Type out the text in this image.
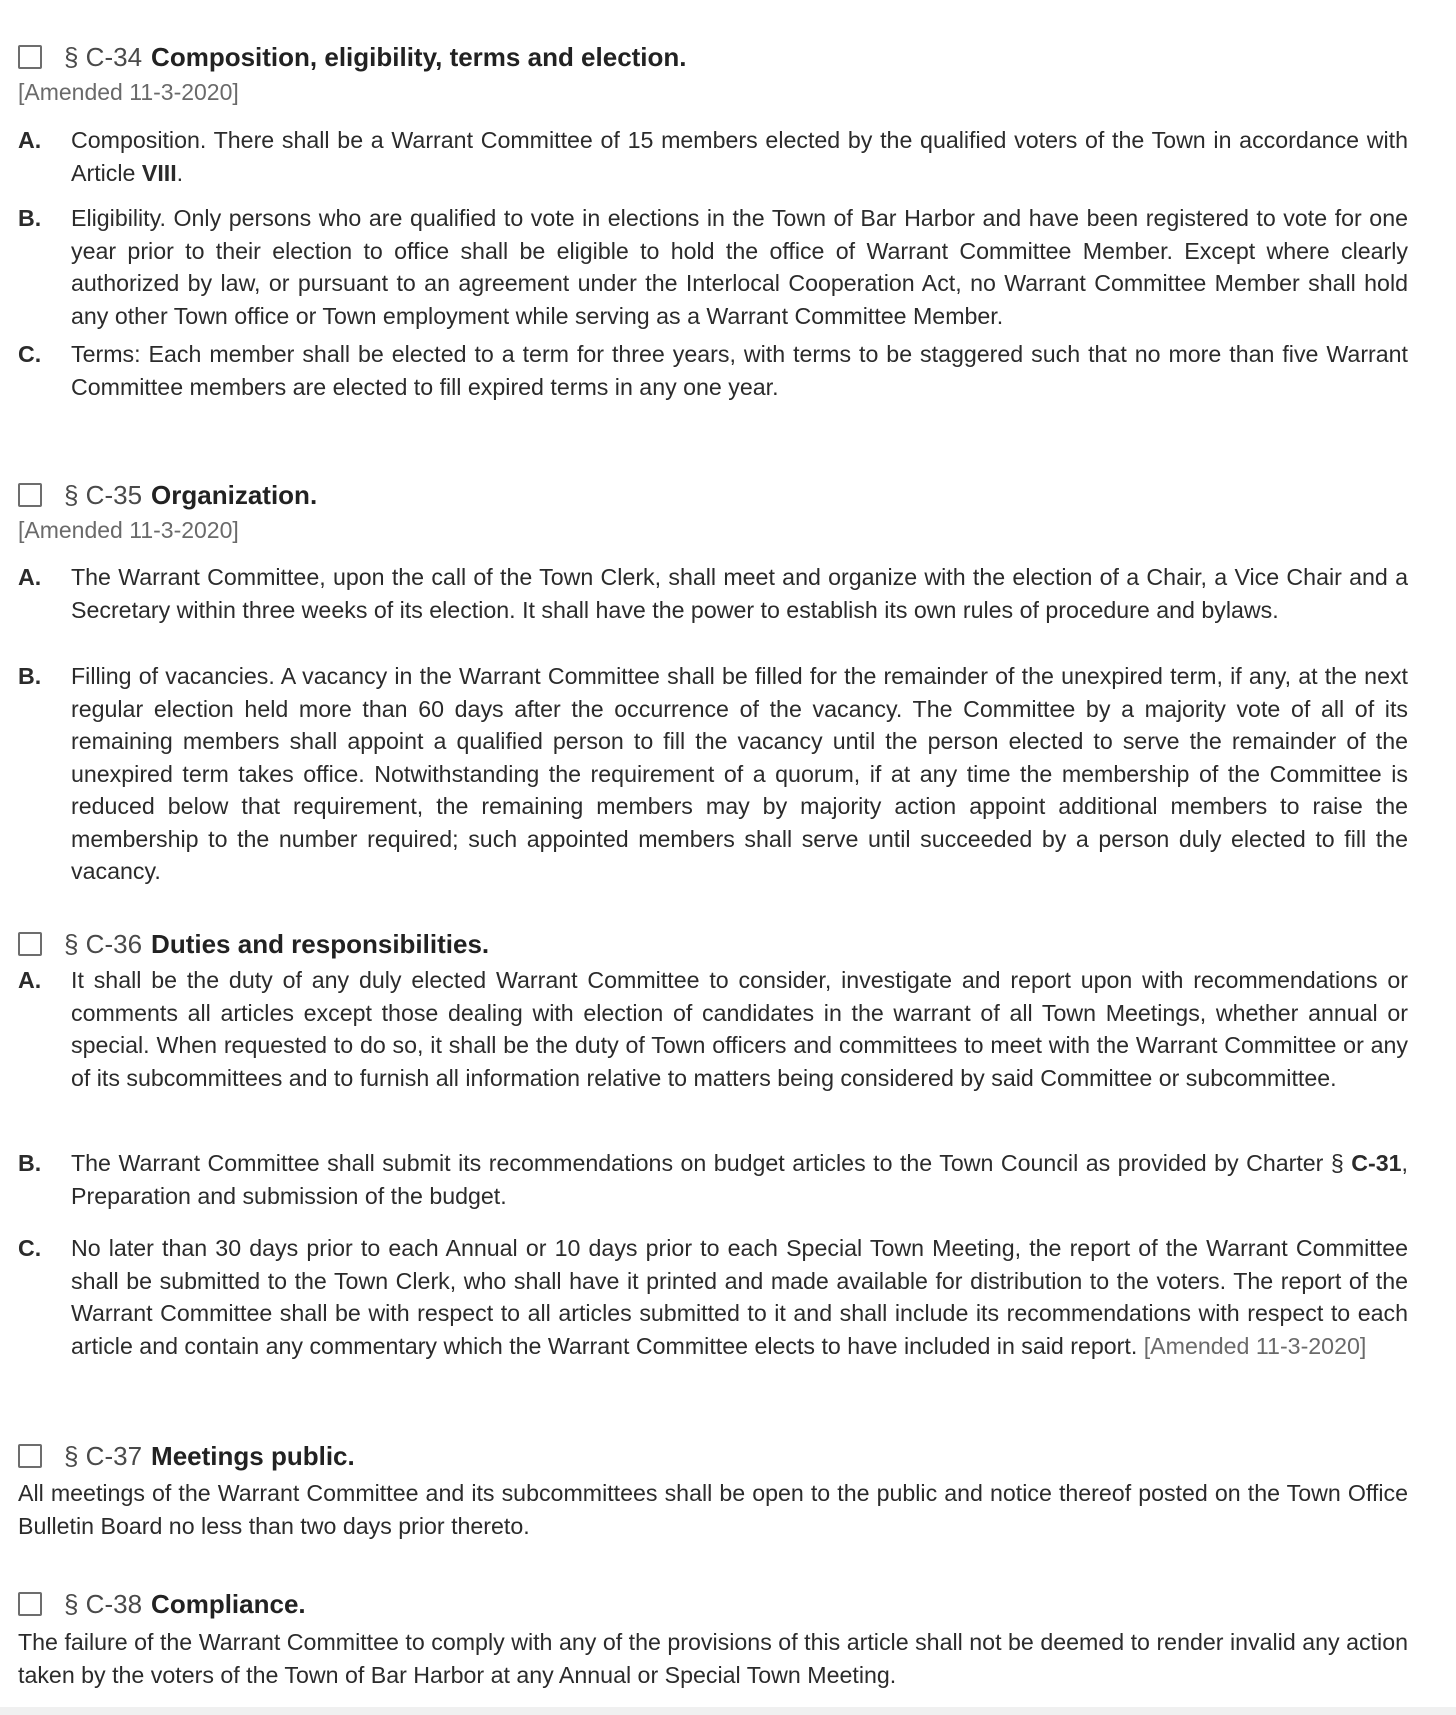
§ C-34 Composition, eligibility, terms and election.
[Amended 11-3-2020]
A.	Composition. There shall be a Warrant Committee of 15 members elected by the qualified voters of the Town in accordance with Article VIII.
B.	Eligibility. Only persons who are qualified to vote in elections in the Town of Bar Harbor and have been registered to vote for one year prior to their election to office shall be eligible to hold the office of Warrant Committee Member. Except where clearly authorized by law, or pursuant to an agreement under the Interlocal Cooperation Act, no Warrant Committee Member shall hold any other Town office or Town employment while serving as a Warrant Committee Member.
C.	Terms: Each member shall be elected to a term for three years, with terms to be staggered such that no more than five Warrant Committee members are elected to fill expired terms in any one year.
§ C-35 Organization.
[Amended 11-3-2020]
A.	The Warrant Committee, upon the call of the Town Clerk, shall meet and organize with the election of a Chair, a Vice Chair and a Secretary within three weeks of its election. It shall have the power to establish its own rules of procedure and bylaws.
B.	Filling of vacancies. A vacancy in the Warrant Committee shall be filled for the remainder of the unexpired term, if any, at the next regular election held more than 60 days after the occurrence of the vacancy. The Committee by a majority vote of all of its remaining members shall appoint a qualified person to fill the vacancy until the person elected to serve the remainder of the unexpired term takes office. Notwithstanding the requirement of a quorum, if at any time the membership of the Committee is reduced below that requirement, the remaining members may by majority action appoint additional members to raise the membership to the number required; such appointed members shall serve until succeeded by a person duly elected to fill the vacancy.
§ C-36 Duties and responsibilities.
A.	It shall be the duty of any duly elected Warrant Committee to consider, investigate and report upon with recommendations or comments all articles except those dealing with election of candidates in the warrant of all Town Meetings, whether annual or special. When requested to do so, it shall be the duty of Town officers and committees to meet with the Warrant Committee or any of its subcommittees and to furnish all information relative to matters being considered by said Committee or subcommittee.
B.	The Warrant Committee shall submit its recommendations on budget articles to the Town Council as provided by Charter § C-31, Preparation and submission of the budget.
C.	No later than 30 days prior to each Annual or 10 days prior to each Special Town Meeting, the report of the Warrant Committee shall be submitted to the Town Clerk, who shall have it printed and made available for distribution to the voters. The report of the Warrant Committee shall be with respect to all articles submitted to it and shall include its recommendations with respect to each article and contain any commentary which the Warrant Committee elects to have included in said report. [Amended 11-3-2020]
§ C-37 Meetings public.
All meetings of the Warrant Committee and its subcommittees shall be open to the public and notice thereof posted on the Town Office Bulletin Board no less than two days prior thereto.
§ C-38 Compliance.
The failure of the Warrant Committee to comply with any of the provisions of this article shall not be deemed to render invalid any action taken by the voters of the Town of Bar Harbor at any Annual or Special Town Meeting.
